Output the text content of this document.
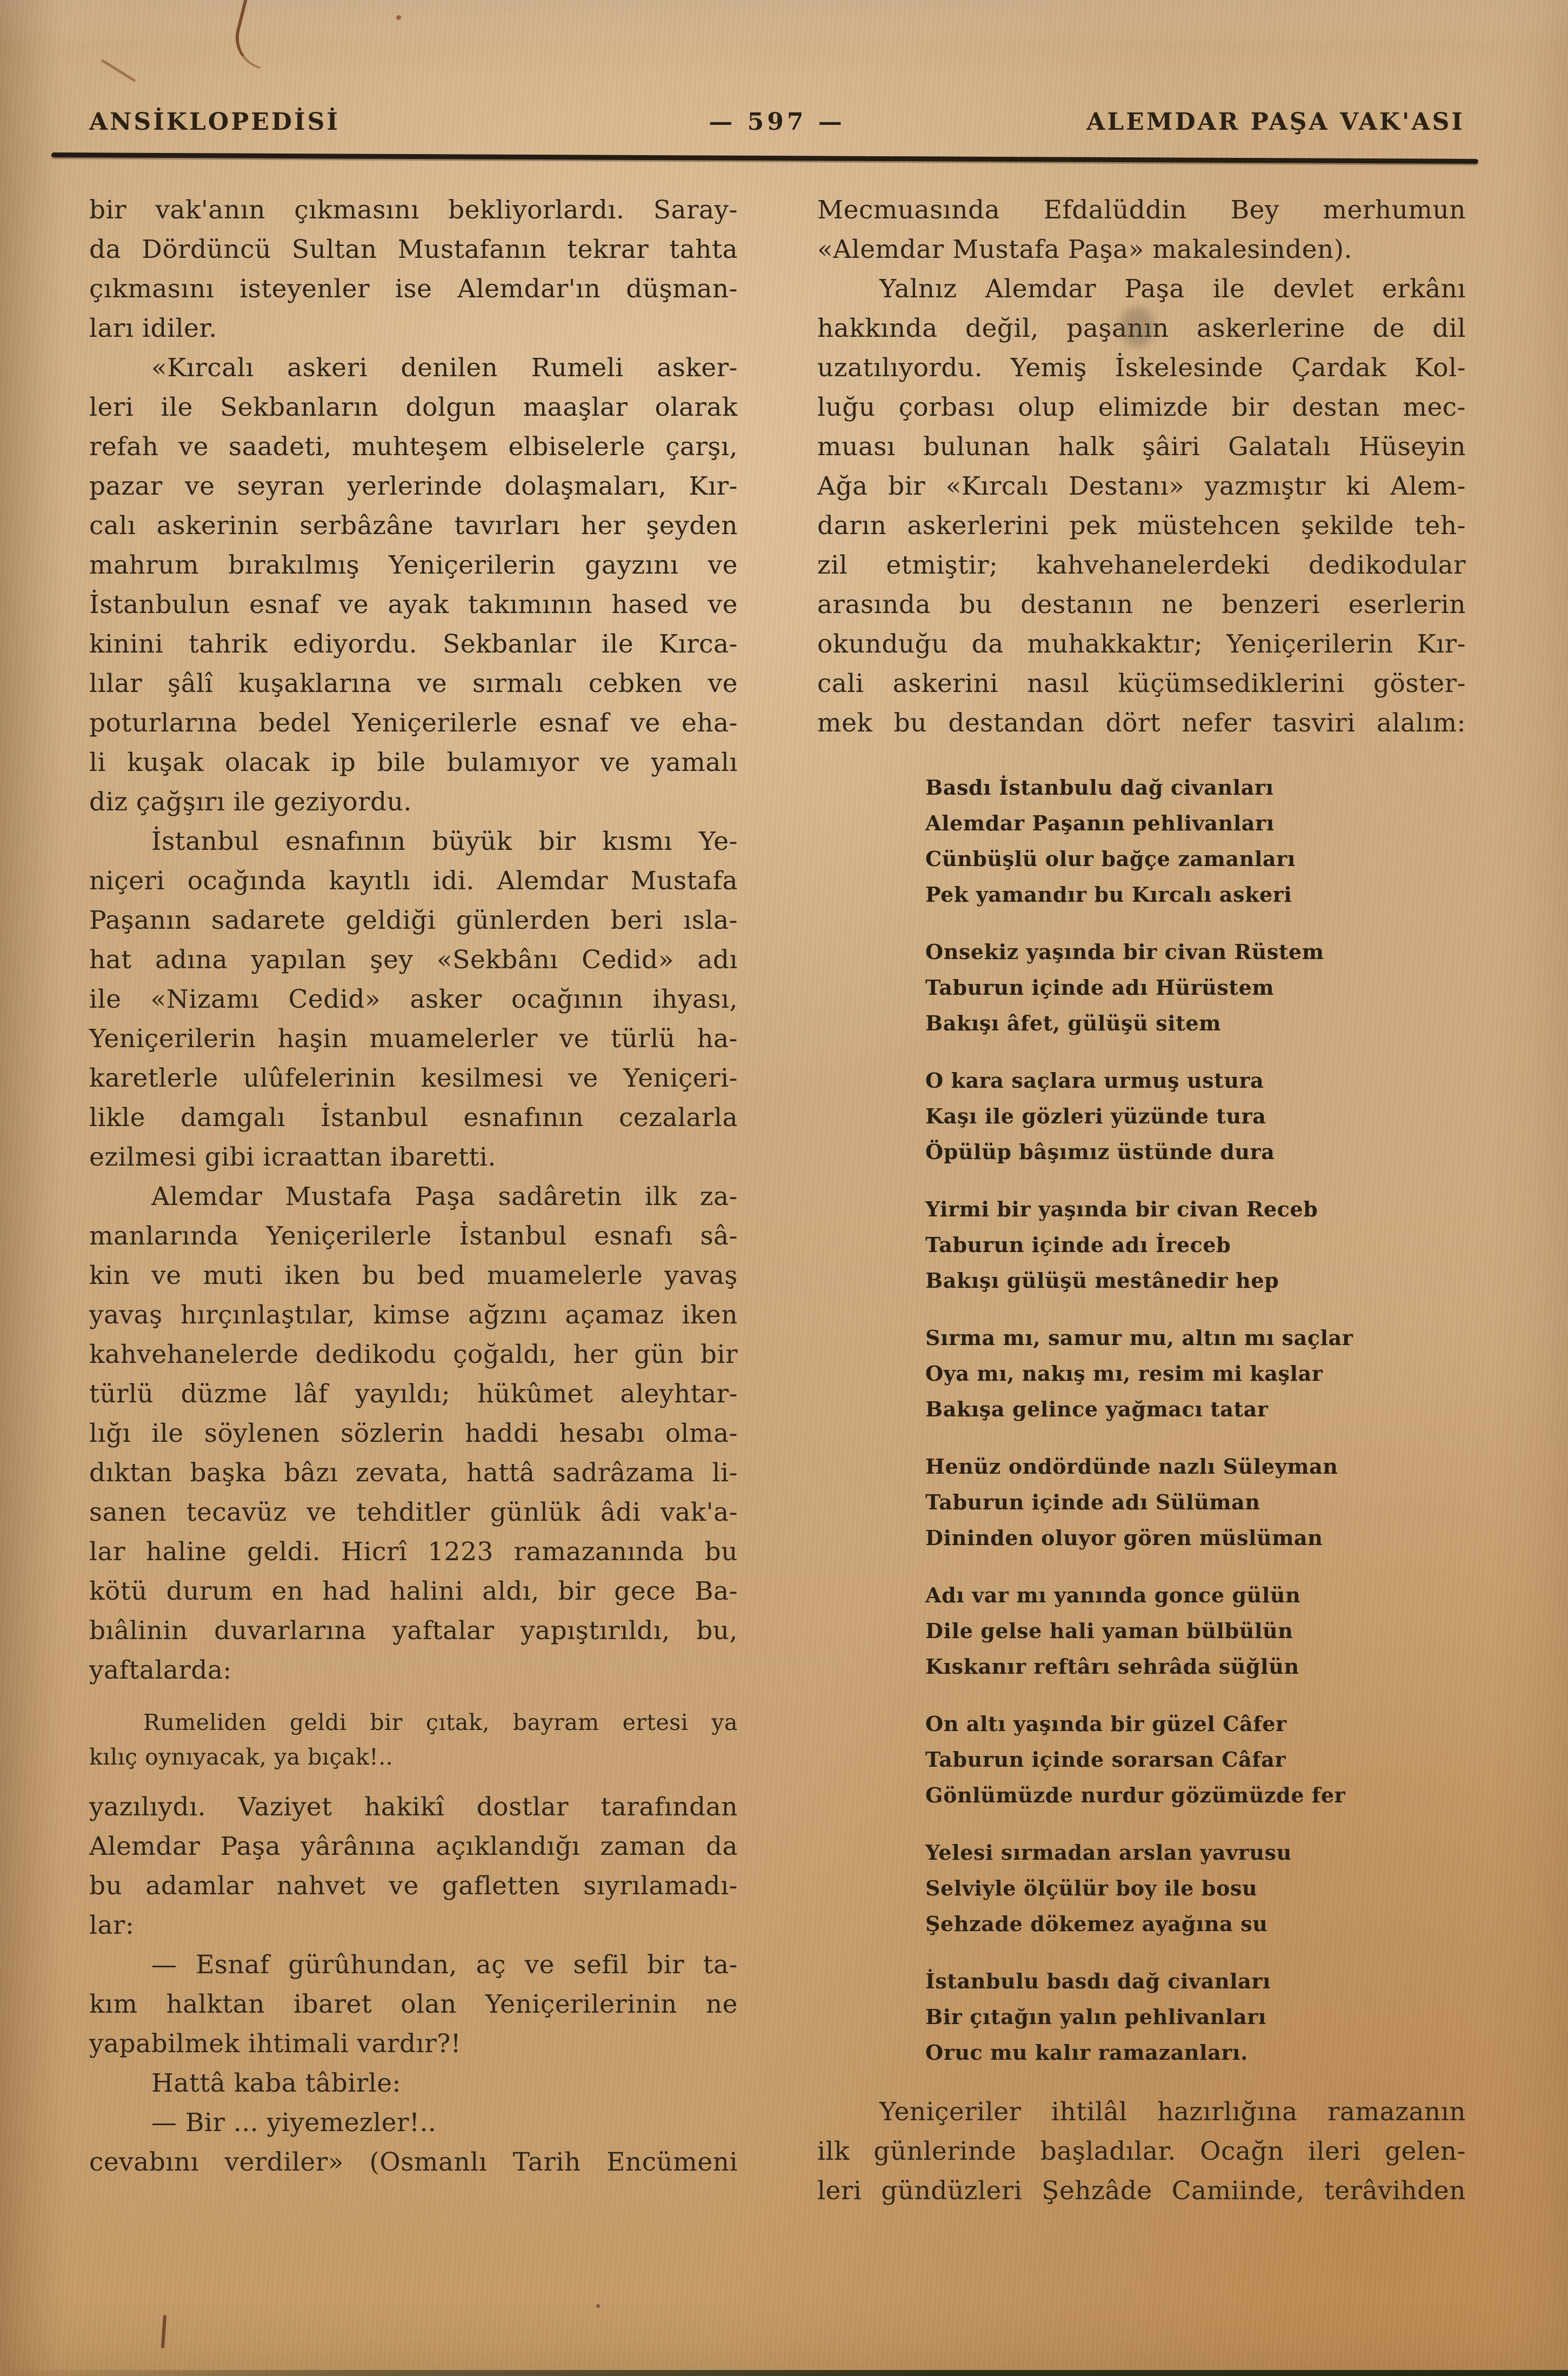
ANSİKLOPEDİSİ	— 597 —	ALEMDAR PAŞA VAK'ASI
bir vak'anın çıkmasını bekliyorlardı. Saray-
da Dördüncü Sultan Mustafanın tekrar tahta
çıkmasını isteyenler ise Alemdar'ın düşman-
ları idiler.
«Kırcalı askeri denilen Rumeli asker-
leri ile Sekbanların dolgun maaşlar olarak
refah ve saadeti, muhteşem elbiselerle çarşı,
pazar ve seyran yerlerinde dolaşmaları, Kır-
calı askerinin serbâzâne tavırları her şeyden
mahrum bırakılmış Yeniçerilerin gayzını ve
İstanbulun esnaf ve ayak takımının hased ve
kinini tahrik ediyordu. Sekbanlar ile Kırca-
lılar şâlî kuşaklarına ve sırmalı cebken ve
poturlarına bedel Yeniçerilerle esnaf ve eha-
li kuşak olacak ip bile bulamıyor ve yamalı
diz çağşırı ile geziyordu.
İstanbul esnafının büyük bir kısmı Ye-
niçeri ocağında kayıtlı idi. Alemdar Mustafa
Paşanın sadarete geldiği günlerden beri ısla-
hat adına yapılan şey «Sekbânı Cedid» adı
ile «Nizamı Cedid» asker ocağının ihyası,
Yeniçerilerin haşin muamelerler ve türlü ha-
karetlerle ulûfelerinin kesilmesi ve Yeniçeri-
likle damgalı İstanbul esnafının cezalarla
ezilmesi gibi icraattan ibaretti.
Alemdar Mustafa Paşa sadâretin ilk za-
manlarında Yeniçerilerle İstanbul esnafı sâ-
kin ve muti iken bu bed muamelerle yavaş
yavaş hırçınlaştılar, kimse ağzını açamaz iken
kahvehanelerde dedikodu çoğaldı, her gün bir
türlü düzme lâf yayıldı; hükûmet aleyhtar-
lığı ile söylenen sözlerin haddi hesabı olma-
dıktan başka bâzı zevata, hattâ sadrâzama li-
sanen tecavüz ve tehditler günlük âdi vak'a-
lar haline geldi. Hicrî 1223 ramazanında bu
kötü durum en had halini aldı, bir gece Ba-
bıâlinin duvarlarına yaftalar yapıştırıldı, bu,
yaftalarda:
Rumeliden geldi bir çıtak, bayram ertesi ya
kılıç oynıyacak, ya bıçak!..
yazılıydı. Vaziyet hakikî dostlar tarafından
Alemdar Paşa yârânına açıklandığı zaman da
bu adamlar nahvet ve gafletten sıyrılamadı-
lar:
— Esnaf gürûhundan, aç ve sefil bir ta-
kım halktan ibaret olan Yeniçerilerinin ne
yapabilmek ihtimali vardır?!
Hattâ kaba tâbirle:
— Bir ... yiyemezler!..
cevabını verdiler» (Osmanlı Tarih Encümeni
Mecmuasında Efdalüddin Bey merhumun
«Alemdar Mustafa Paşa» makalesinden).
Yalnız Alemdar Paşa ile devlet erkânı
hakkında değil, paşanın askerlerine de dil
uzatılıyordu. Yemiş İskelesinde Çardak Kol-
luğu çorbası olup elimizde bir destan mec-
muası bulunan halk şâiri Galatalı Hüseyin
Ağa bir «Kırcalı Destanı» yazmıştır ki Alem-
darın askerlerini pek müstehcen şekilde teh-
zil etmiştir; kahvehanelerdeki dedikodular
arasında bu destanın ne benzeri eserlerin
okunduğu da muhakkaktır; Yeniçerilerin Kır-
cali askerini nasıl küçümsediklerini göster-
mek bu destandan dört nefer tasviri alalım:
Basdı İstanbulu dağ civanları
Alemdar Paşanın pehlivanları
Cünbüşlü olur bağçe zamanları
Pek yamandır bu Kırcalı askeri
Onsekiz yaşında bir civan Rüstem
Taburun içinde adı Hürüstem
Bakışı âfet, gülüşü sitem
O kara saçlara urmuş ustura
Kaşı ile gözleri yüzünde tura
Öpülüp bâşımız üstünde dura
Yirmi bir yaşında bir civan Receb
Taburun içinde adı İreceb
Bakışı gülüşü mestânedir hep
Sırma mı, samur mu, altın mı saçlar
Oya mı, nakış mı, resim mi kaşlar
Bakışa gelince yağmacı tatar
Henüz ondördünde nazlı Süleyman
Taburun içinde adı Sülüman
Dininden oluyor gören müslüman
Adı var mı yanında gonce gülün
Dile gelse hali yaman bülbülün
Kıskanır reftârı sehrâda süğlün
On altı yaşında bir güzel Câfer
Taburun içinde sorarsan Câfar
Gönlümüzde nurdur gözümüzde fer
Yelesi sırmadan arslan yavrusu
Selviyle ölçülür boy ile bosu
Şehzade dökemez ayağına su
İstanbulu basdı dağ civanları
Bir çıtağın yalın pehlivanları
Oruc mu kalır ramazanları.
Yeniçeriler ihtilâl hazırlığına ramazanın
ilk günlerinde başladılar. Ocağn ileri gelen-
leri gündüzleri Şehzâde Camiinde, terâvihden
